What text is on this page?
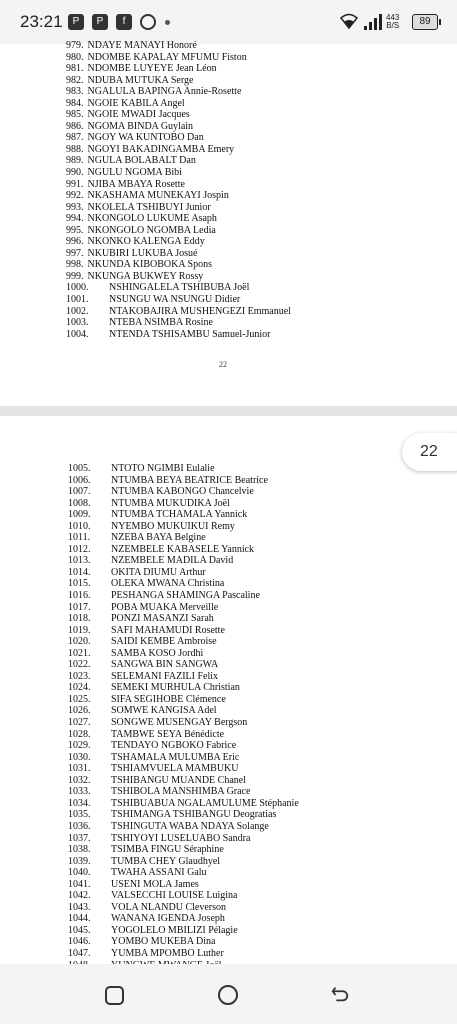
23:21	P	P	f	443
B/S	89
979. NDAYE MANAYI Honoré
980. NDOMBE KAPALAY MFUMU Fiston
981. NDOMBE LUYEYE Jean Léon
982. NDUBA MUTUKA Serge
983. NGALULA BAPINGA Annie-Rosette
984. NGOIE KABILA Angel
985. NGOIE MWADI Jacques
986. NGOMA BINDA Guylain
987. NGOY WA KUNTOBO Dan
988. NGOYI BAKADINGAMBA Emery
989. NGULA BOLABALT Dan
990. NGULU NGOMA Bibi
991. NJIBA MBAYA Rosette
992. NKASHAMA MUNEKAYI Jospin
993. NKOLELA TSHIBUYI Junior
994. NKONGOLO LUKUME Asaph
995. NKONGOLO NGOMBA Ledia
996. NKONKO KALENGA Eddy
997. NKUBIRI LUKUBA Josué
998. NKUNDA KIBOBOKA Spons
999. NKUNGA BUKWEY Rossy
1000. NSHINGALELA TSHIBUBA Joël
1001. NSUNGU WA NSUNGU Didier
1002. NTAKOBAJIRA MUSHENGEZI Emmanuel
1003. NTEBA NSIMBA Rosine
1004. NTENDA TSHISAMBU Samuel-Junior
22
1005. NTOTO NGIMBI Eulalie
1006. NTUMBA BEYA BEATRICE Beatrice
1007. NTUMBA KABONGO Chancelvie
1008. NTUMBA MUKUDIKA Joël
1009. NTUMBA TCHAMALA Yannick
1010. NYEMBO MUKUIKUI Remy
1011. NZEBA BAYA Belgine
1012. NZEMBELE KABASELE Yannick
1013. NZEMBELE MADILA David
1014. OKITA DIUMU Arthur
1015. OLEKA MWANA Christina
1016. PESHANGA SHAMINGA Pascaline
1017. POBA MUAKA Merveille
1018. PONZI MASANZI Sarah
1019. SAFI MAHAMUDI Rosette
1020. SAIDI KEMBE Ambroise
1021. SAMBA KOSO Jordhi
1022. SANGWA BIN SANGWA
1023. SELEMANI FAZILI Felix
1024. SEMEKI MURHULA Christian
1025. SIFA SEGIHOBE Clémence
1026. SOMWE KANGISA Adel
1027. SONGWE MUSENGAY Bergson
1028. TAMBWE SEYA Bénédicte
1029. TENDAYO NGBOKO Fabrice
1030. TSHAMALA MULUMBA Eric
1031. TSHIAMVUELA MAMBUKU
1032. TSHIBANGU MUANDE Chanel
1033. TSHIBOLA MANSHIMBA Grace
1034. TSHIBUABUA NGALAMULUME Stéphanie
1035. TSHIMANGA TSHIBANGU Deogratias
1036. TSHINGUTA WABA NDAYA Solange
1037. TSHIYOYI LUSELUABO Sandra
1038. TSIMBA FINGU Séraphine
1039. TUMBA CHEY Glaudhyel
1040. TWAHA ASSANI Galu
1041. USENI MOLA James
1042. VALSECCHI LOUISE Luigina
1043. VOLA NLANDU Cleverson
1044. WANANA IGENDA Joseph
1045. YOGOLELO MBILIZI Pélagie
1046. YOMBO MUKEBA Dina
1047. YUMBA MPOMBO Luther
22
